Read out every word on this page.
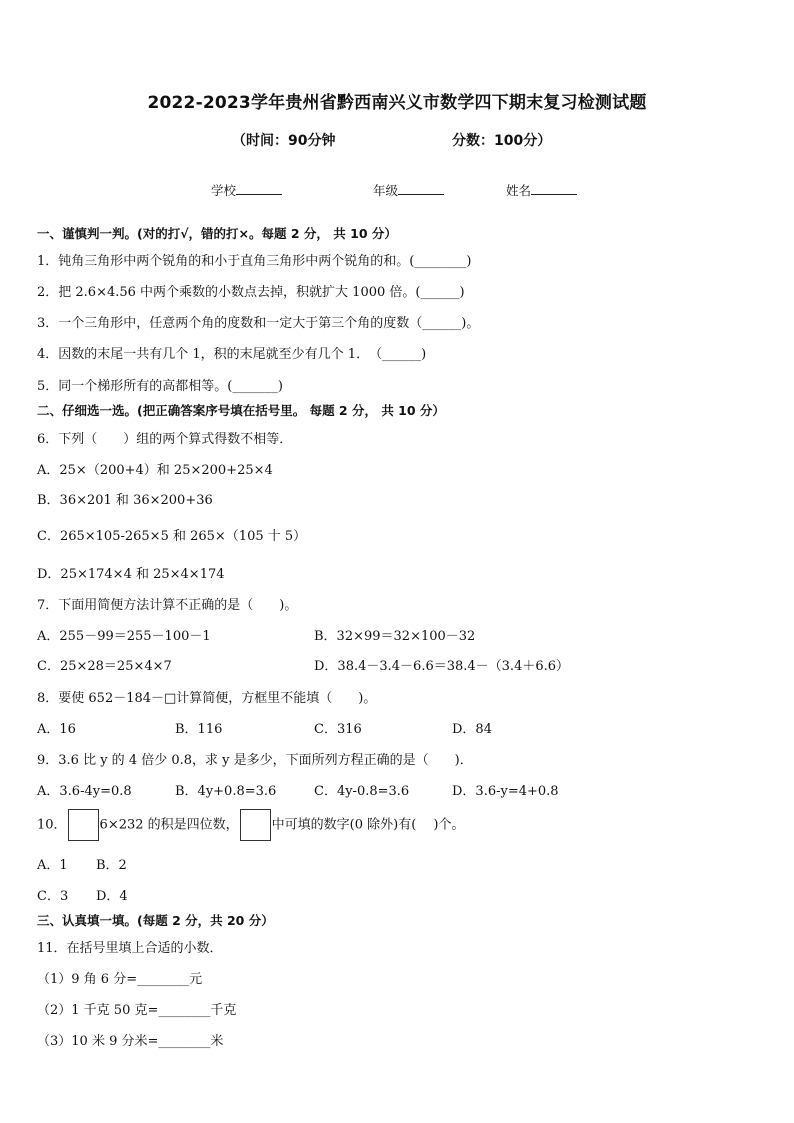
2022-2023学年贵州省黔西南兴义市数学四下期末复习检测试题
（时间：90分钟	分数：100分）
学校	年级	姓名
一、谨慎判一判。(对的打√，错的打×。每题 2 分， 共 10 分）
1．钝角三角形中两个锐角的和小于直角三角形中两个锐角的和。(________)
2．把 2.6×4.56 中两个乘数的小数点去掉，积就扩大 1000 倍。(______)
3．一个三角形中，任意两个角的度数和一定大于第三个角的度数（______)。
4．因数的末尾一共有几个 1，积的末尾就至少有几个 1．　（______)
5．同一个梯形所有的高都相等。(_______)
二、仔细选一选。(把正确答案序号填在括号里。 每题 2 分， 共 10 分）
6．下列（　　）组的两个算式得数不相等．
A．25×（200+4）和 25×200+25×4
B．36×201 和 36×200+36
C．265×105-265×5 和 265×（105 十 5）
D．25×174×4 和 25×4×174
7．下面用简便方法计算不正确的是（　　)。
A．255－99＝255－100－1	B．32×99＝32×100－32
C．25×28＝25×4×7	D．38.4－3.4－6.6＝38.4－（3.4＋6.6）
8．要使 652－184－□计算简便，方框里不能填（　　)。
A．16	B．116	C．316	D．84
9．3.6 比 y 的 4 倍少 0.8，求 y 是多少，下面所列方程正确的是（　　)．
A．3.6-4y=0.8	B．4y+0.8=3.6	C．4y-0.8=3.6	D．3.6-y=4+0.8
10．	6×232 的积是四位数，	中可填的数字(0 除外)有(　 )个。
A．1 B．2
C．3 D．4
三、认真填一填。(每题 2 分，共 20 分）
11．在括号里填上合适的小数．
（1）9 角 6 分=________元
（2）1 千克 50 克=________千克
（3）10 米 9 分米=________米
